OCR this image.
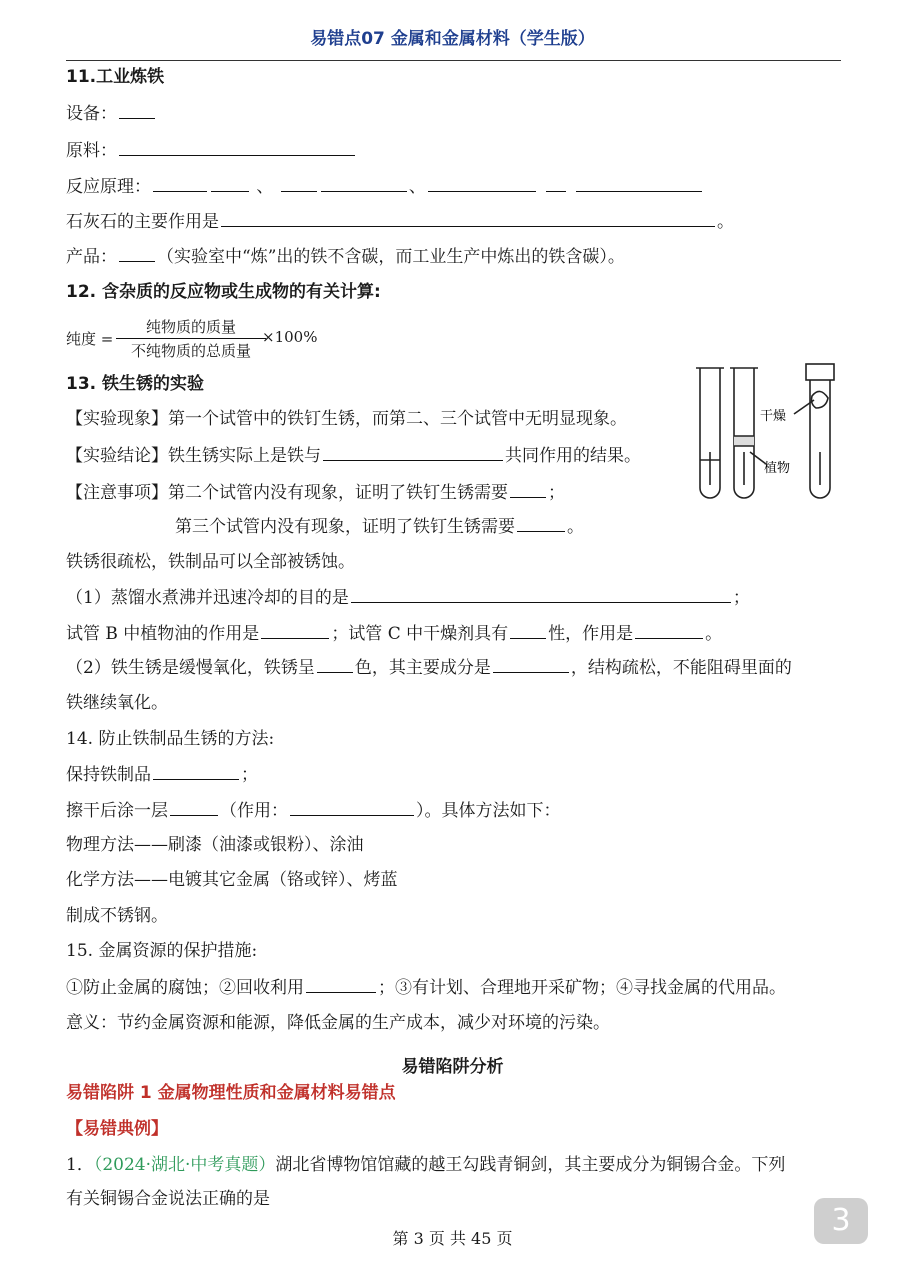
易错点07 金属和金属材料（学生版）
11.工业炼铁
设备：
原料：
反应原理：	、	、
石灰石的主要作用是	。
产品： （实验室中“炼”出的铁不含碳，而工业生产中炼出的铁含碳）。
12. 含杂质的反应物或生成物的有关计算:
纯度 =
纯物质的质量
不纯物质的总质量
×100%
13. 铁生锈的实验
【实验现象】第一个试管中的铁钉生锈，而第二、三个试管中无明显现象。
【实验结论】铁生锈实际上是铁与	共同作用的结果。
【注意事项】第二个试管内没有现象，证明了铁钉生锈需要 ；
第三个试管内没有现象，证明了铁钉生锈需要	。
干燥
植物
铁锈很疏松，铁制品可以全部被锈蚀。
（1）蒸馏水煮沸并迅速冷却的目的是	；
试管 B 中植物油的作用是	；试管 C 中干燥剂具有 性，作用是	。
（2）铁生锈是缓慢氧化，铁锈呈 色，其主要成分是	，结构疏松，不能阻碍里面的
铁继续氧化。
14. 防止铁制品生锈的方法:
保持铁制品	；
擦干后涂一层	（作用：	）。具体方法如下：
物理方法——刷漆（油漆或银粉）、涂油
化学方法——电镀其它金属（铬或锌）、烤蓝
制成不锈钢。
15. 金属资源的保护措施:
①防止金属的腐蚀；②回收利用	；③有计划、合理地开采矿物；④寻找金属的代用品。
意义：节约金属资源和能源，降低金属的生产成本，减少对环境的污染。
易错陷阱分析
易错陷阱 1 金属物理性质和金属材料易错点
【易错典例】
1．（2024·湖北·中考真题）湖北省博物馆馆藏的越王勾践青铜剑，其主要成分为铜锡合金。下列
有关铜锡合金说法正确的是
3
第 3 页 共 45 页
